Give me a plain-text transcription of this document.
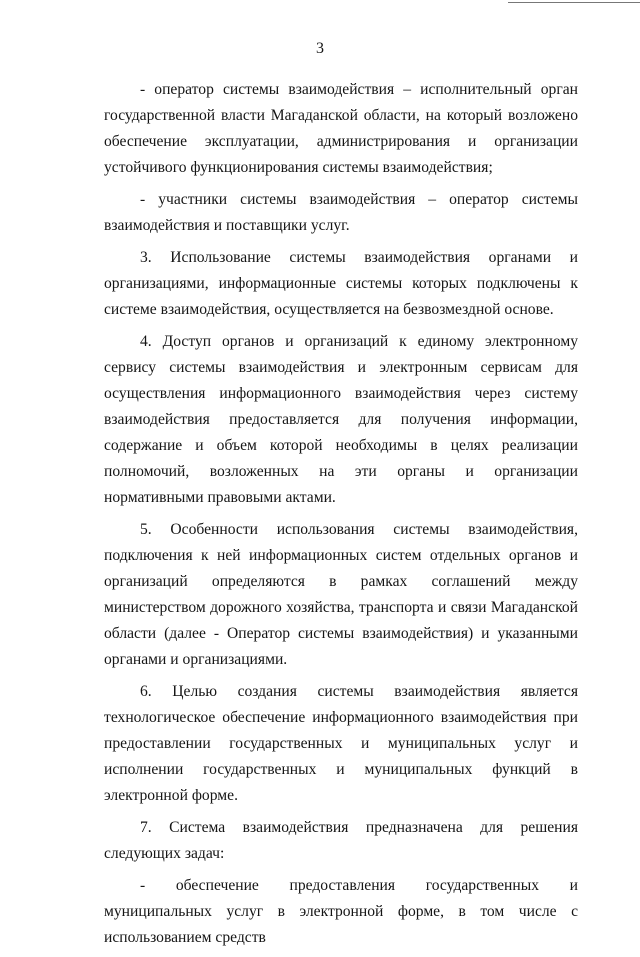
3

- оператор системы взаимодействия – исполнительный орган государственной власти Магаданской области, на который возложено обеспечение эксплуатации, администрирования и организации устойчивого функционирования системы взаимодействия;

- участники системы взаимодействия – оператор системы взаимодействия и поставщики услуг.

3. Использование системы взаимодействия органами и организациями, информационные системы которых подключены к системе взаимодействия, осуществляется на безвозмездной основе.

4. Доступ органов и организаций к единому электронному сервису системы взаимодействия и электронным сервисам для осуществления информационного взаимодействия через систему взаимодействия предоставляется для получения информации, содержание и объем которой необходимы в целях реализации полномочий, возложенных на эти органы и организации нормативными правовыми актами.

5. Особенности использования системы взаимодействия, подключения к ней информационных систем отдельных органов и организаций определяются в рамках соглашений между министерством дорожного хозяйства, транспорта и связи Магаданской области (далее - Оператор системы взаимодействия) и указанными органами и организациями.

6. Целью создания системы взаимодействия является технологическое обеспечение информационного взаимодействия при предоставлении государственных и муниципальных услуг и исполнении государственных и муниципальных функций в электронной форме.

7. Система взаимодействия предназначена для решения следующих задач:

- обеспечение предоставления государственных и муниципальных услуг в электронной форме, в том числе с использованием средств
